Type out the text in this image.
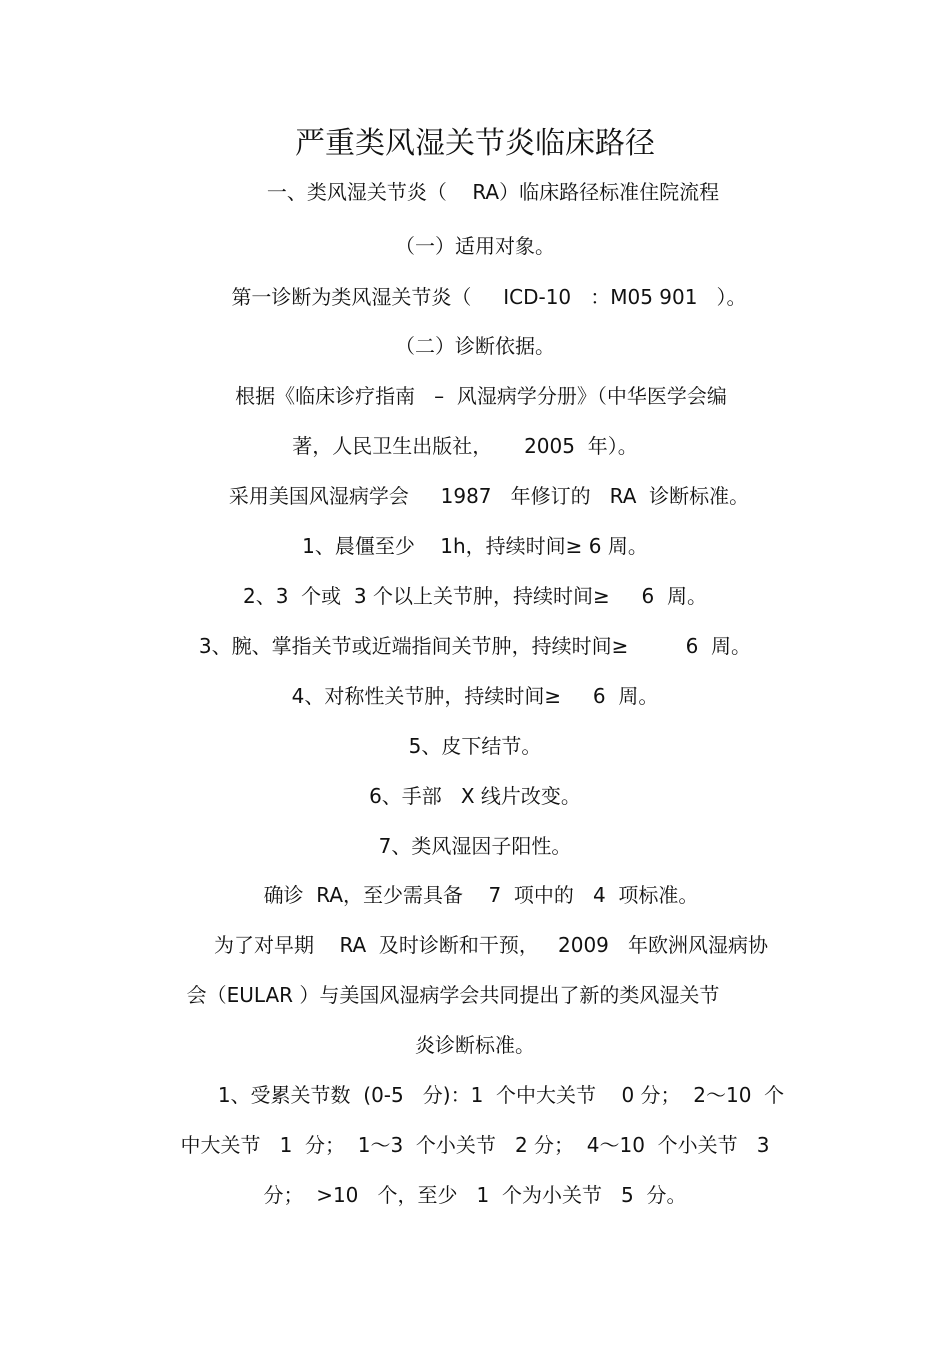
严重类风湿关节炎临床路径
一、类风湿关节炎（    RA）临床路径标准住院流程
（一）适用对象。
第一诊断为类风湿关节炎（     ICD-10   ：M05 901   ）。
（二）诊断依据。
根据《临床诊疗指南   –  风湿病学分册》（中华医学会编
著，人民卫生出版社，     2005  年）。
采用美国风湿病学会     1987   年修订的   RA  诊断标准。
1、晨僵至少    1h，持续时间≥ 6 周。
2、3  个或  3 个以上关节肿，持续时间≥     6  周。
3、腕、掌指关节或近端指间关节肿，持续时间≥         6  周。
4、对称性关节肿，持续时间≥     6  周。
5、皮下结节。
6、手部   X 线片改变。
7、类风湿因子阳性。
确诊  RA，至少需具备    7  项中的   4  项标准。
为了对早期    RA  及时诊断和干预，   2009   年欧洲风湿病协
会（EULAR ）与美国风湿病学会共同提出了新的类风湿关节
炎诊断标准。
1、受累关节数  (0-5   分)：1  个中大关节    0 分；  2～10  个
中大关节   1  分；  1～3  个小关节   2 分；  4～10  个小关节   3
分；  >10   个，至少   1  个为小关节   5  分。
